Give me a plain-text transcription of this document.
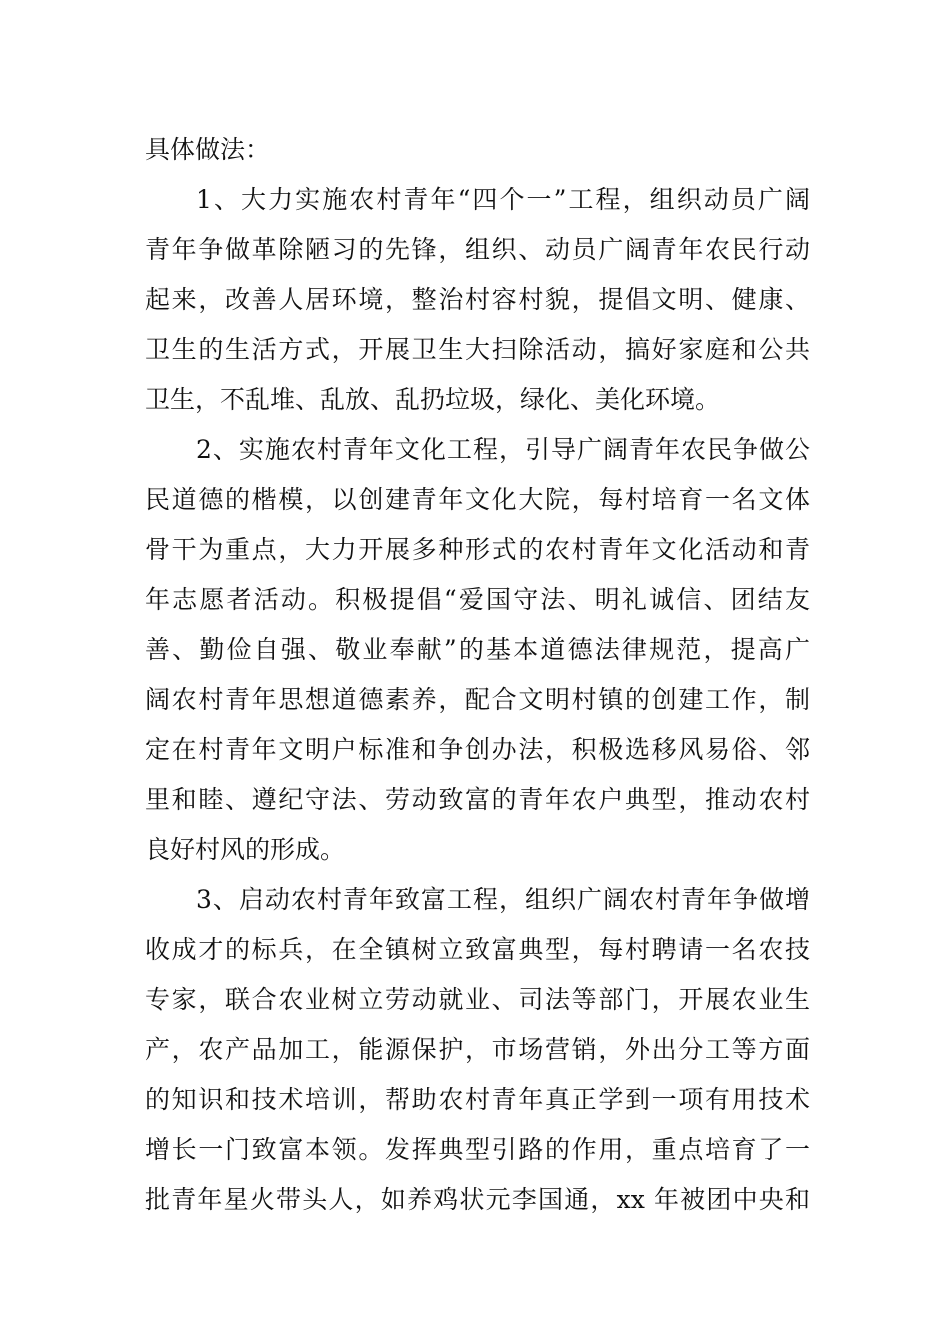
具体做法：
1、大力实施农村青年“四个一”工程，组织动员广阔
青年争做革除陋习的先锋，组织、动员广阔青年农民行动
起来，改善人居环境，整治村容村貌，提倡文明、健康、
卫生的生活方式，开展卫生大扫除活动，搞好家庭和公共
卫生，不乱堆、乱放、乱扔垃圾，绿化、美化环境。
2、实施农村青年文化工程，引导广阔青年农民争做公
民道德的楷模，以创建青年文化大院，每村培育一名文体
骨干为重点，大力开展多种形式的农村青年文化活动和青
年志愿者活动。积极提倡“爱国守法、明礼诚信、团结友
善、勤俭自强、敬业奉献”的基本道德法律规范，提高广
阔农村青年思想道德素养，配合文明村镇的创建工作，制
定在村青年文明户标准和争创办法，积极选移风易俗、邻
里和睦、遵纪守法、劳动致富的青年农户典型，推动农村
良好村风的形成。
3、启动农村青年致富工程，组织广阔农村青年争做增
收成才的标兵，在全镇树立致富典型，每村聘请一名农技
专家，联合农业树立劳动就业、司法等部门，开展农业生
产，农产品加工，能源保护，市场营销，外出分工等方面
的知识和技术培训，帮助农村青年真正学到一项有用技术
增长一门致富本领。发挥典型引路的作用，重点培育了一
批青年星火带头人，如养鸡状元李国通，xx 年被团中央和
